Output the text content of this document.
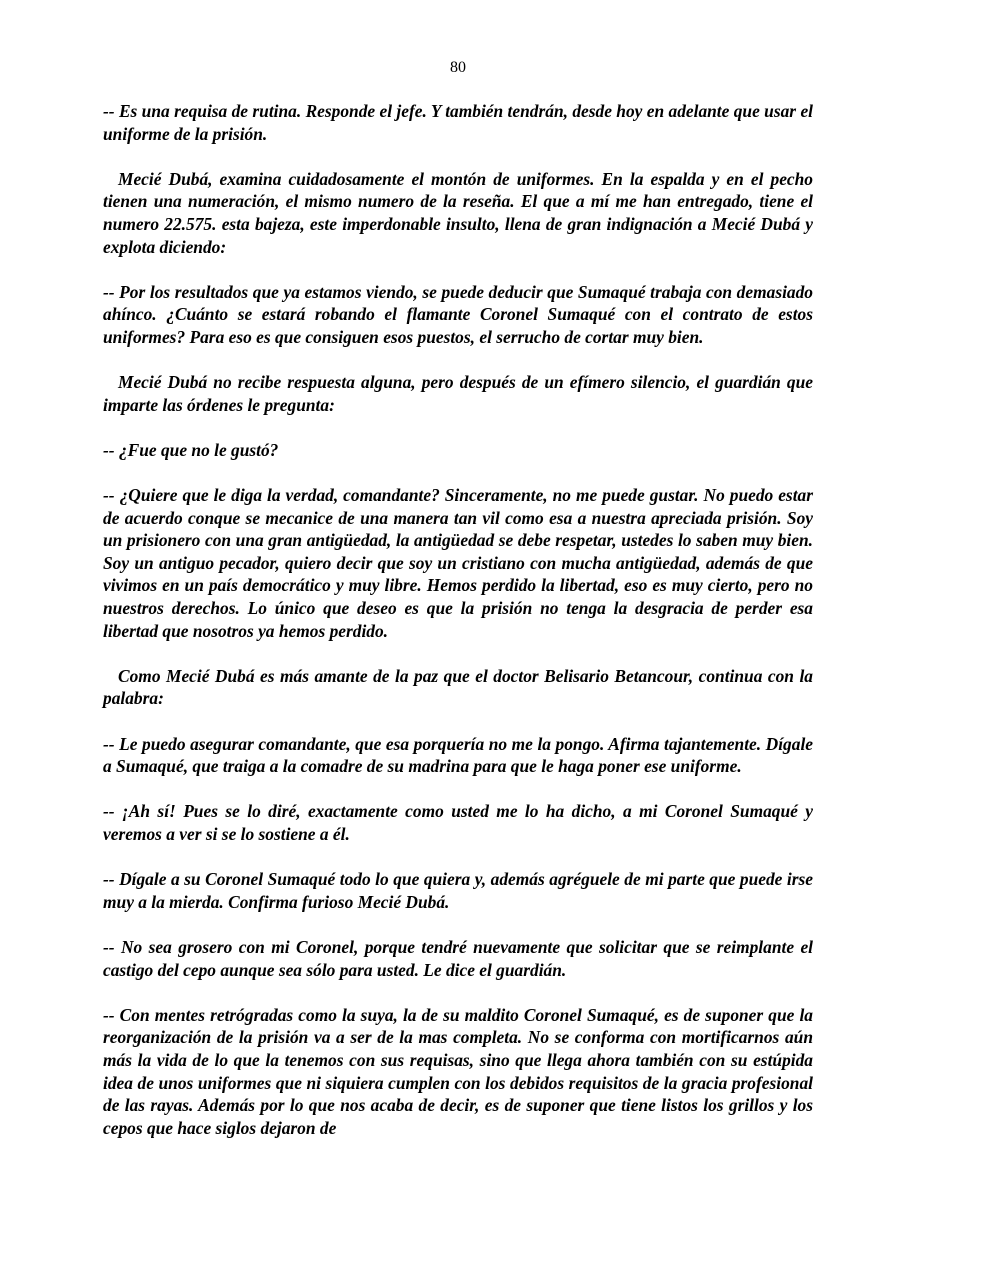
80

-- Es una requisa de rutina. Responde el jefe. Y también tendrán, desde hoy en adelante que usar el uniforme de la prisión.

Mecié Dubá, examina cuidadosamente el montón de uniformes. En la espalda y en el pecho tienen una numeración, el mismo numero de la reseña. El que a mí me han entregado, tiene el numero 22.575. esta bajeza, este imperdonable insulto, llena de gran indignación a Mecié Dubá y explota diciendo:

-- Por los resultados que ya estamos viendo, se puede deducir que Sumaqué trabaja con demasiado ahínco. ¿Cuánto se estará robando el flamante Coronel Sumaqué con el contrato de estos uniformes? Para eso es que consiguen esos puestos, el serrucho de cortar muy bien.

Mecié Dubá no recibe respuesta alguna, pero después de un efímero silencio, el guardián que imparte las órdenes le pregunta:

-- ¿Fue que no le gustó?

-- ¿Quiere que le diga la verdad, comandante? Sinceramente, no me puede gustar. No puedo estar de acuerdo conque se mecanice de una manera tan vil como esa a nuestra apreciada prisión. Soy un prisionero con una gran antigüedad, la antigüedad se debe respetar, ustedes lo saben muy bien. Soy un antiguo pecador, quiero decir que soy un cristiano con mucha antigüedad, además de que vivimos en un país democrático y muy libre. Hemos perdido la libertad, eso es muy cierto, pero no nuestros derechos. Lo único que deseo es que la prisión no tenga la desgracia de perder esa libertad que nosotros ya hemos perdido.

Como Mecié Dubá es más amante de la paz que el doctor Belisario Betancour, continua con la palabra:

-- Le puedo asegurar comandante, que esa porquería no me la pongo. Afirma tajantemente. Dígale a Sumaqué, que traiga a la comadre de su madrina para que le haga poner ese uniforme.

-- ¡Ah sí! Pues se lo diré, exactamente como usted me lo ha dicho, a mi Coronel Sumaqué y veremos a ver si se lo sostiene a él.

-- Dígale a su Coronel Sumaqué todo lo que quiera y, además agréguele de mi parte que puede irse muy a la mierda. Confirma furioso Mecié Dubá.

-- No sea grosero con mi Coronel, porque tendré nuevamente que solicitar que se reimplante el castigo del cepo aunque sea sólo para usted. Le dice el guardián.

-- Con mentes retrógradas como la suya, la de su maldito Coronel Sumaqué, es de suponer que la reorganización de la prisión va a ser de la mas completa. No se conforma con mortificarnos aún más la vida de lo que la tenemos con sus requisas, sino que llega ahora también con su estúpida idea de unos uniformes que ni siquiera cumplen con los debidos requisitos de la gracia profesional de las rayas. Además por lo que nos acaba de decir, es de suponer que tiene listos los grillos y los cepos que hace siglos dejaron de
